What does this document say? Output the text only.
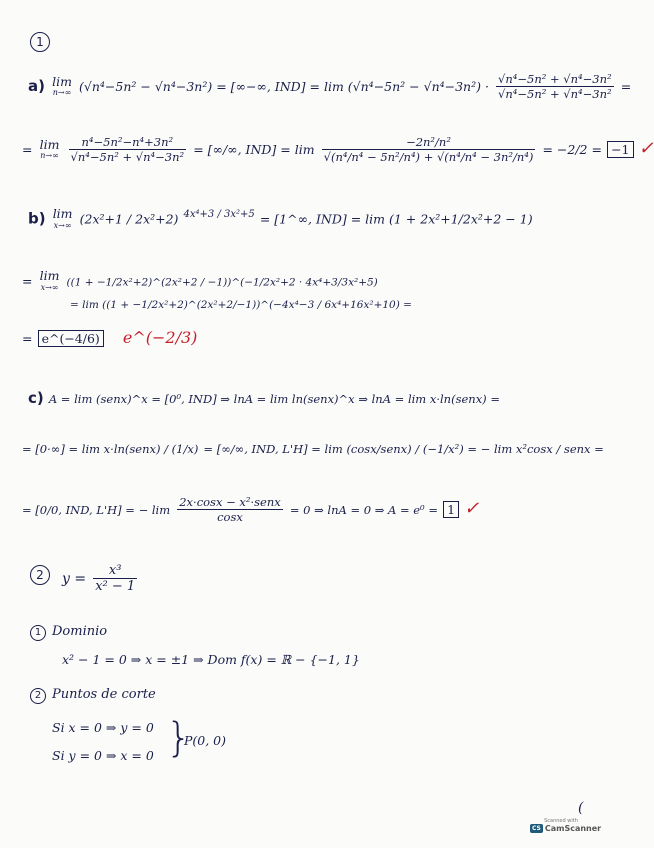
1
a) lim
n→∞ (√n⁴−5n² − √n⁴−3n²) = [∞−∞, $IND] = \lim (√n^4-5n^2 - √n^4-3n^2) \cdot \frac{\text{√n⁴−5n² + √n⁴−3n²}}{\text{√n⁴−5n² + √n⁴−3n²}}$ =
= lim
n→∞
$\frac{\text{n⁴−5n²−n⁴+3n²}}{\text{√n⁴−5n² + √n⁴−3n²}}$ = [∞/∞, $IND] = \lim \frac{\text{−2n²/n²}}{\text{√(n⁴/n⁴ − 5n²/n⁴) + √(n⁴/n⁴ − 3n²/n⁴)}} = -2/2 = -1$ ✓
b) lim
x→∞ (2x²+1 / 2x²+2) $^{4x^4+3 / 3x^2+5}$ = [1^∞, IND] = lim (1 + 2x²+1/2x²+2 − 1)
= lim
x→∞ ((1 + −1/2x²+2)^(2x²+2 / −1))^(−1/2x²+2 · 4x⁴+3/3x²+5)
= lim ((1 + −1/2x²+2)^(2x²+2/−1))^(−4x⁴−3 / 6x⁴+16x²+10) =
= e^(−4/6) e^(−2/3)
c) A = lim (senx)^x = [0⁰, IND] ⇒ lnA = lim ln(senx)^x ⇒ lnA = lim x·ln(senx) =
= [0·∞] = lim x·ln(senx) / (1/x) = [∞/∞, IND, L'H] = lim (cosx/senx) / (−1/x²) = − lim x²cosx / senx =
= [0/0, IND, L'H] = − $\lim \frac{\text{2x·cosx − x²·senx}}{\cos x} = 0$ ⇒ lnA = 0 ⇒ A = e⁰ = 1 ✓
2	$y = \frac{\text{x³}}{\text{x² − 1}}$
1 Dominio
x² − 1 = 0 ⇒ x = ±1 ⇒ Dom f(x) = ℝ − {−1, 1}
2 Puntos de corte
Si x = 0 ⇒ y = 0
Si y = 0 ⇒ x = 0 }
P(0, 0)
(
Scanned with
CS CamScanner
